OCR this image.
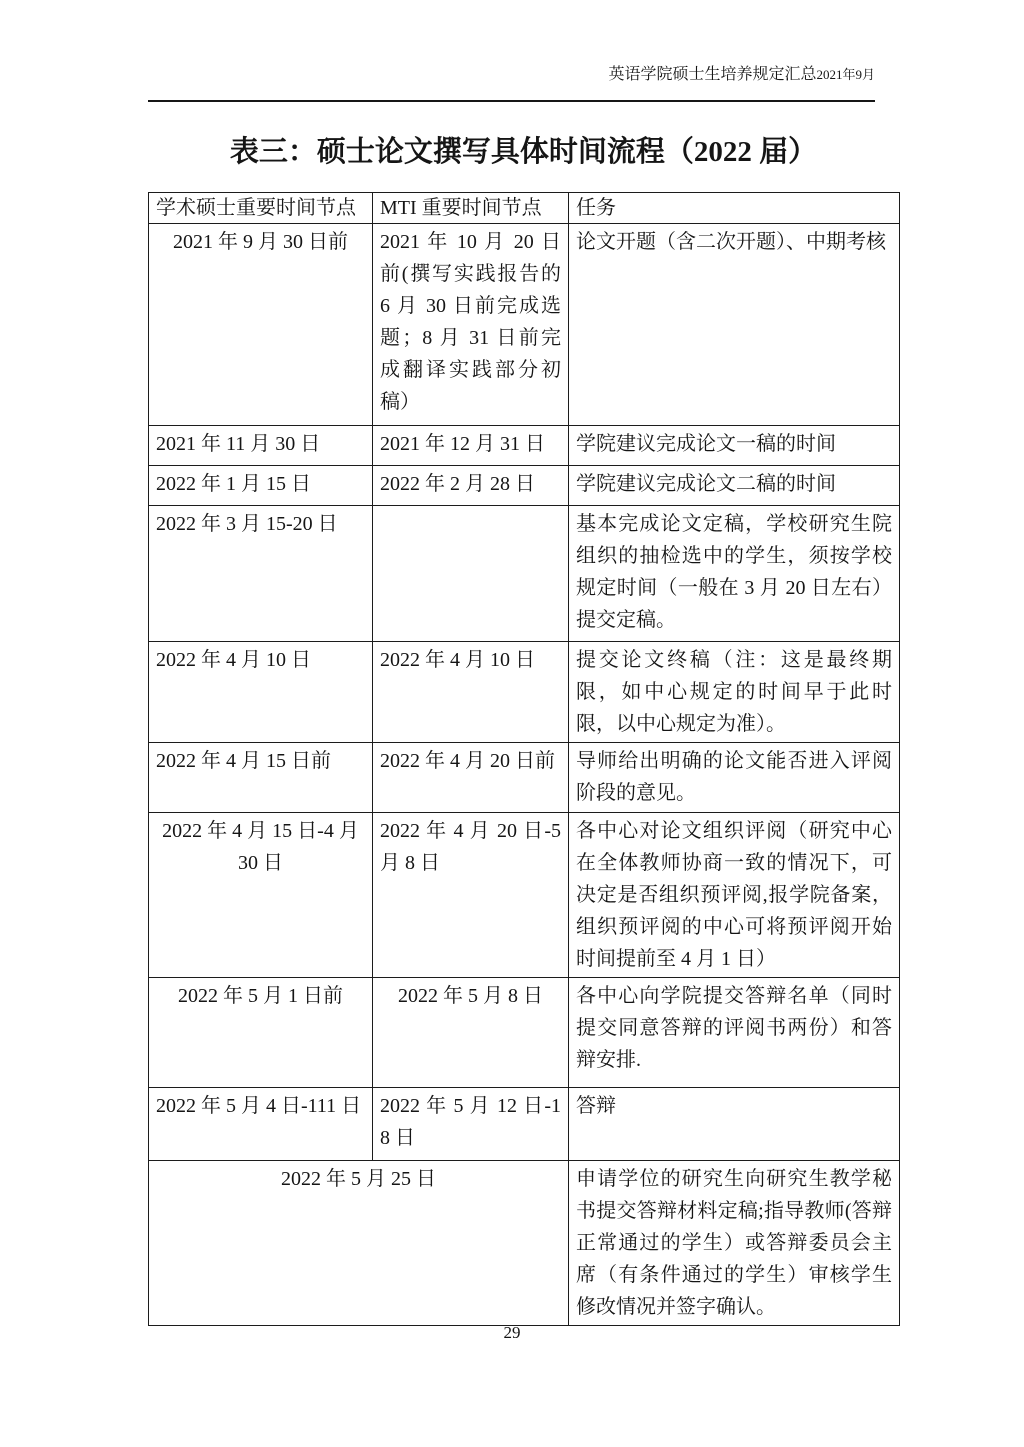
英语学院硕士生培养规定汇总2021年9月
表三：硕士论文撰写具体时间流程（2022 届）
学术硕士重要时间节点	MTI 重要时间节点	任务
2021 年 9 月 30 日前	2021 年 10 月 20 日前(撰写实践报告的 6 月 30 日前完成选题；8 月 31 日前完成翻译实践部分初稿）	论文开题（含二次开题）、中期考核
2021 年 11 月 30 日	2021 年 12 月 31 日	学院建议完成论文一稿的时间
2022 年 1 月 15 日	2022 年 2 月 28 日	学院建议完成论文二稿的时间
2022 年 3 月 15-20 日		基本完成论文定稿，学校研究生院组织的抽检选中的学生，须按学校规定时间（一般在 3 月 20 日左右）提交定稿。
2022 年 4 月 10 日	2022 年 4 月 10 日	提交论文终稿（注：这是最终期限，如中心规定的时间早于此时限，以中心规定为准）。
2022 年 4 月 15 日前	2022 年 4 月 20 日前	导师给出明确的论文能否进入评阅阶段的意见。
2022 年 4 月 15 日-4 月 30 日	2022 年 4 月 20 日-5 月 8 日	各中心对论文组织评阅（研究中心在全体教师协商一致的情况下，可决定是否组织预评阅,报学院备案，组织预评阅的中心可将预评阅开始时间提前至 4 月 1 日）
2022 年 5 月 1 日前	2022 年 5 月 8 日	各中心向学院提交答辩名单（同时提交同意答辩的评阅书两份）和答辩安排.
2022 年 5 月 4 日-111 日	2022 年 5 月 12 日-18 日	答辩
2022 年 5 月 25 日		申请学位的研究生向研究生教学秘书提交答辩材料定稿;指导教师(答辩正常通过的学生）或答辩委员会主席（有条件通过的学生）审核学生修改情况并签字确认。
29
